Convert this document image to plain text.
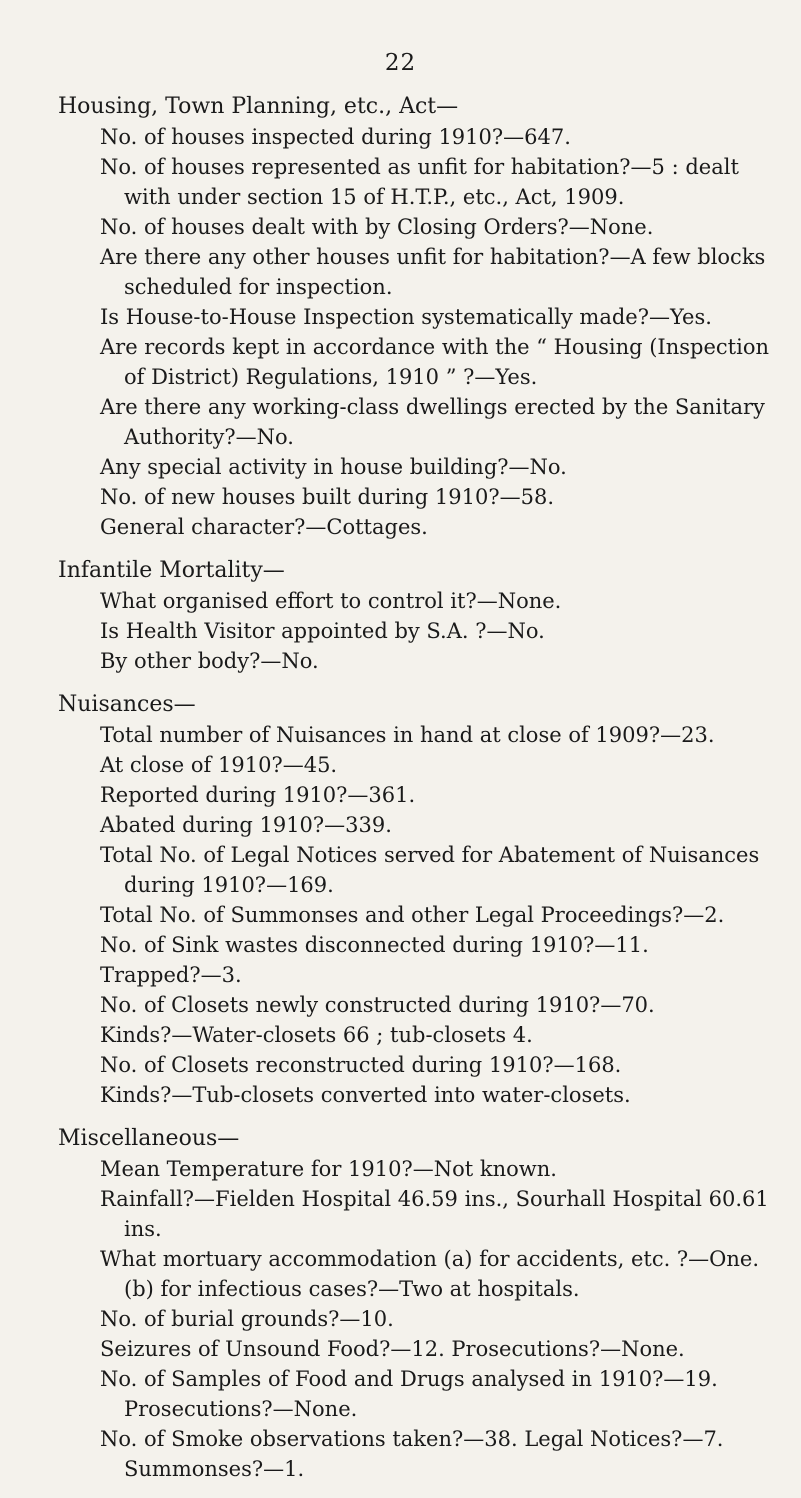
22
Housing, Town Planning, etc., Act—
No. of houses inspected during 1910?—647.
No. of houses represented as unfit for habitation?—5 : dealt with under section 15 of H.T.P., etc., Act, 1909.
No. of houses dealt with by Closing Orders?—None.
Are there any other houses unfit for habitation?—A few blocks scheduled for inspection.
Is House-to-House Inspection systematically made?—Yes.
Are records kept in accordance with the “ Housing (Inspection of District) Regulations, 1910 ” ?—Yes.
Are there any working-class dwellings erected by the Sanitary Authority?—No.
Any special activity in house building?—No.
No. of new houses built during 1910?—58.
General character?—Cottages.
Infantile Mortality—
What organised effort to control it?—None.
Is Health Visitor appointed by S.A. ?—No.
By other body?—No.
Nuisances—
Total number of Nuisances in hand at close of 1909?—23.
At close of 1910?—45.
Reported during 1910?—361.
Abated during 1910?—339.
Total No. of Legal Notices served for Abatement of Nuisances during 1910?—169.
Total No. of Summonses and other Legal Proceedings?—2.
No. of Sink wastes disconnected during 1910?—11.
Trapped?—3.
No. of Closets newly constructed during 1910?—70.
Kinds?—Water-closets 66 ; tub-closets 4.
No. of Closets reconstructed during 1910?—168.
Kinds?—Tub-closets converted into water-closets.
Miscellaneous—
Mean Temperature for 1910?—Not known.
Rainfall?—Fielden Hospital 46.59 ins., Sourhall Hospital 60.61 ins.
What mortuary accommodation (a) for accidents, etc. ?—One. (b) for infectious cases?—Two at hospitals.
No. of burial grounds?—10.
Seizures of Unsound Food?—12. Prosecutions?—None.
No. of Samples of Food and Drugs analysed in 1910?—19. Prosecutions?—None.
No. of Smoke observations taken?—38. Legal Notices?—7. Summonses?—1.
